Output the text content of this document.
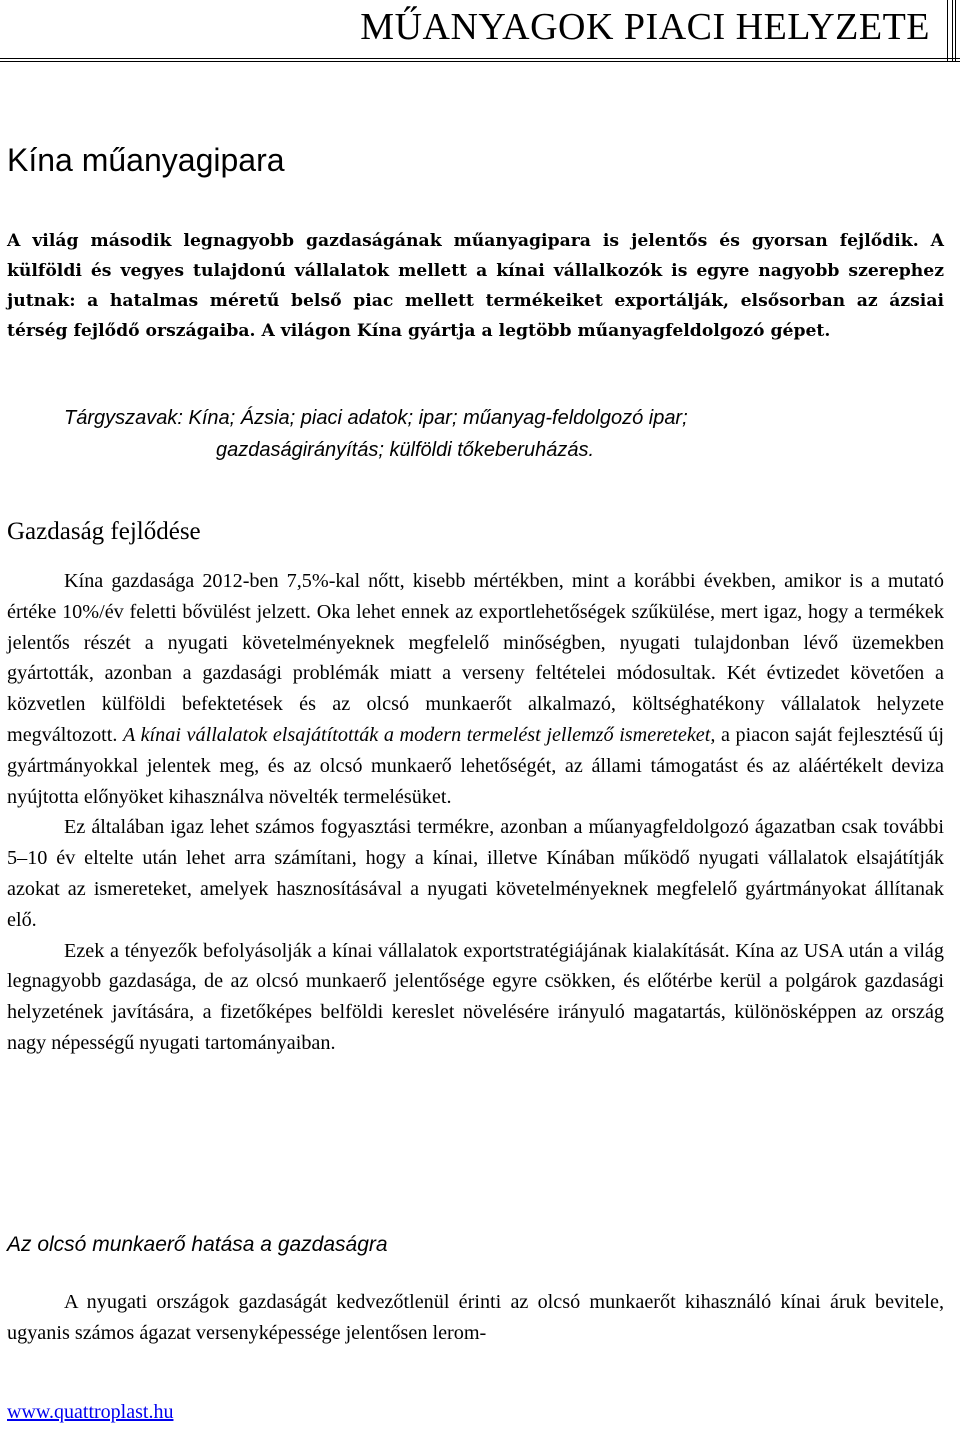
MŰANYAGOK PIACI HELYZETE
Kína műanyagipara
A világ második legnagyobb gazdaságának műanyagipara is jelentős és gyorsan fejlődik. A külföldi és vegyes tulajdonú vállalatok mellett a kínai vállalkozók is egyre nagyobb szerephez jutnak: a hatalmas méretű belső piac mellett termékeiket exportálják, elsősorban az ázsiai térség fejlődő országaiba. A világon Kína gyártja a legtöbb műanyagfeldolgozó gépet.
Tárgyszavak: Kína; Ázsia; piaci adatok; ipar; műanyag-feldolgozó ipar;
gazdaságirányítás; külföldi tőkeberuházás.
Gazdaság fejlődése

Kína gazdasága 2012-ben 7,5%-kal nőtt, kisebb mértékben, mint a korábbi években, amikor is a mutató értéke 10%/év feletti bővülést jelzett. Oka lehet ennek az exportlehetőségek szűkülése, mert igaz, hogy a termékek jelentős részét a nyugati követelményeknek megfelelő minőségben, nyugati tulajdonban lévő üzemekben gyártották, azonban a gazdasági problémák miatt a verseny feltételei módosultak. Két évtizedet követően a közvetlen külföldi befektetések és az olcsó munkaerőt alkalmazó, költséghatékony vállalatok helyzete megváltozott. A kínai vállalatok elsajátították a modern termelést jellemző ismereteket, a piacon saját fejlesztésű új gyártmányokkal jelentek meg, és az olcsó munkaerő lehetőségét, az állami támogatást és az aláértékelt deviza nyújtotta előnyöket kihasználva növelték termelésüket.

Ez általában igaz lehet számos fogyasztási termékre, azonban a műanyagfeldolgozó ágazatban csak további 5–10 év eltelte után lehet arra számítani, hogy a kínai, illetve Kínában működő nyugati vállalatok elsajátítják azokat az ismereteket, amelyek hasznosításával a nyugati követelményeknek megfelelő gyártmányokat állítanak elő.

Ezek a tényezők befolyásolják a kínai vállalatok exportstratégiájának kialakítását. Kína az USA után a világ legnagyobb gazdasága, de az olcsó munkaerő jelentősége egyre csökken, és előtérbe kerül a polgárok gazdasági helyzetének javítására, a fizetőképes belföldi kereslet növelésére irányuló magatartás, különösképpen az ország nagy népességű nyugati tartományaiban.

Az olcsó munkaerő hatása a gazdaságra

A nyugati országok gazdaságát kedvezőtlenül érinti az olcsó munkaerőt kihasználó kínai áruk bevitele, ugyanis számos ágazat versenyképessége jelentősen lerom-

www.quattroplast.hu
